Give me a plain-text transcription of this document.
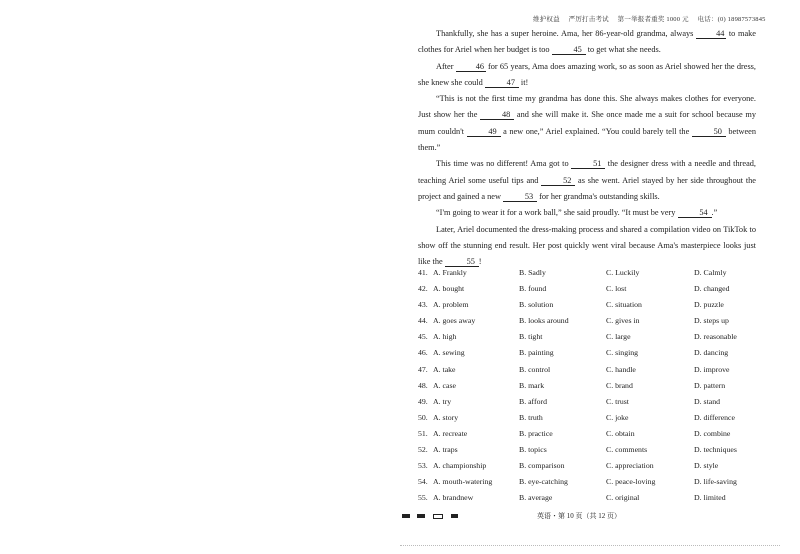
维护权益 严厉打击考试 第一举报者重奖 1000 元 电话：(0) 18987573845

Thankfully, she has a super heroine. Ama, her 86-year-old grandma, always 44 to make clothes for Ariel when her budget is too	45 to get what she needs.

After 46 for 65 years, Ama does amazing work, so as soon as Ariel showed her the dress, she knew she could	47 it!

“This is not the first time my grandma has done this. She always makes clothes for everyone. Just show her the	48 and she will make it. She once made me a suit for school because my mum couldn't	49 a new one,” Ariel explained. “You could barely tell the	50 between them.”

This time was no different! Ama got to	51 the designer dress with a needle and thread, teaching Ariel some useful tips and	52 as she went. Ariel stayed by her side throughout the project and gained a new	53 for her grandma's outstanding skills.

“I'm going to wear it for a work ball,” she said proudly. “It must be very	54 .”

Later, Ariel documented the dress-making process and shared a compilation video on TikTok to show off the stunning end result. Her post quickly went viral because Ama's masterpiece looks just like the	55 !

41. A. Frankly	B. Sadly	C. Luckily	D. Calmly
42. A. bought	B. found	C. lost	D. changed
43. A. problem	B. solution	C. situation	D. puzzle
44. A. goes away	B. looks around	C. gives in	D. steps up
45. A. high	B. tight	C. large	D. reasonable
46. A. sewing	B. painting	C. singing	D. dancing
47. A. take	B. control	C. handle	D. improve
48. A. case	B. mark	C. brand	D. pattern
49. A. try	B. afford	C. trust	D. stand
50. A. story	B. truth	C. joke	D. difference
51. A. recreate	B. practice	C. obtain	D. combine
52. A. traps	B. topics	C. comments	D. techniques
53. A. championship	B. comparison	C. appreciation	D. style
54. A. mouth-watering	B. eye-catching	C. peace-loving	D. life-saving
55. A. brandnew	B. average	C. original	D. limited
英语・第 10 页（共 12 页）
